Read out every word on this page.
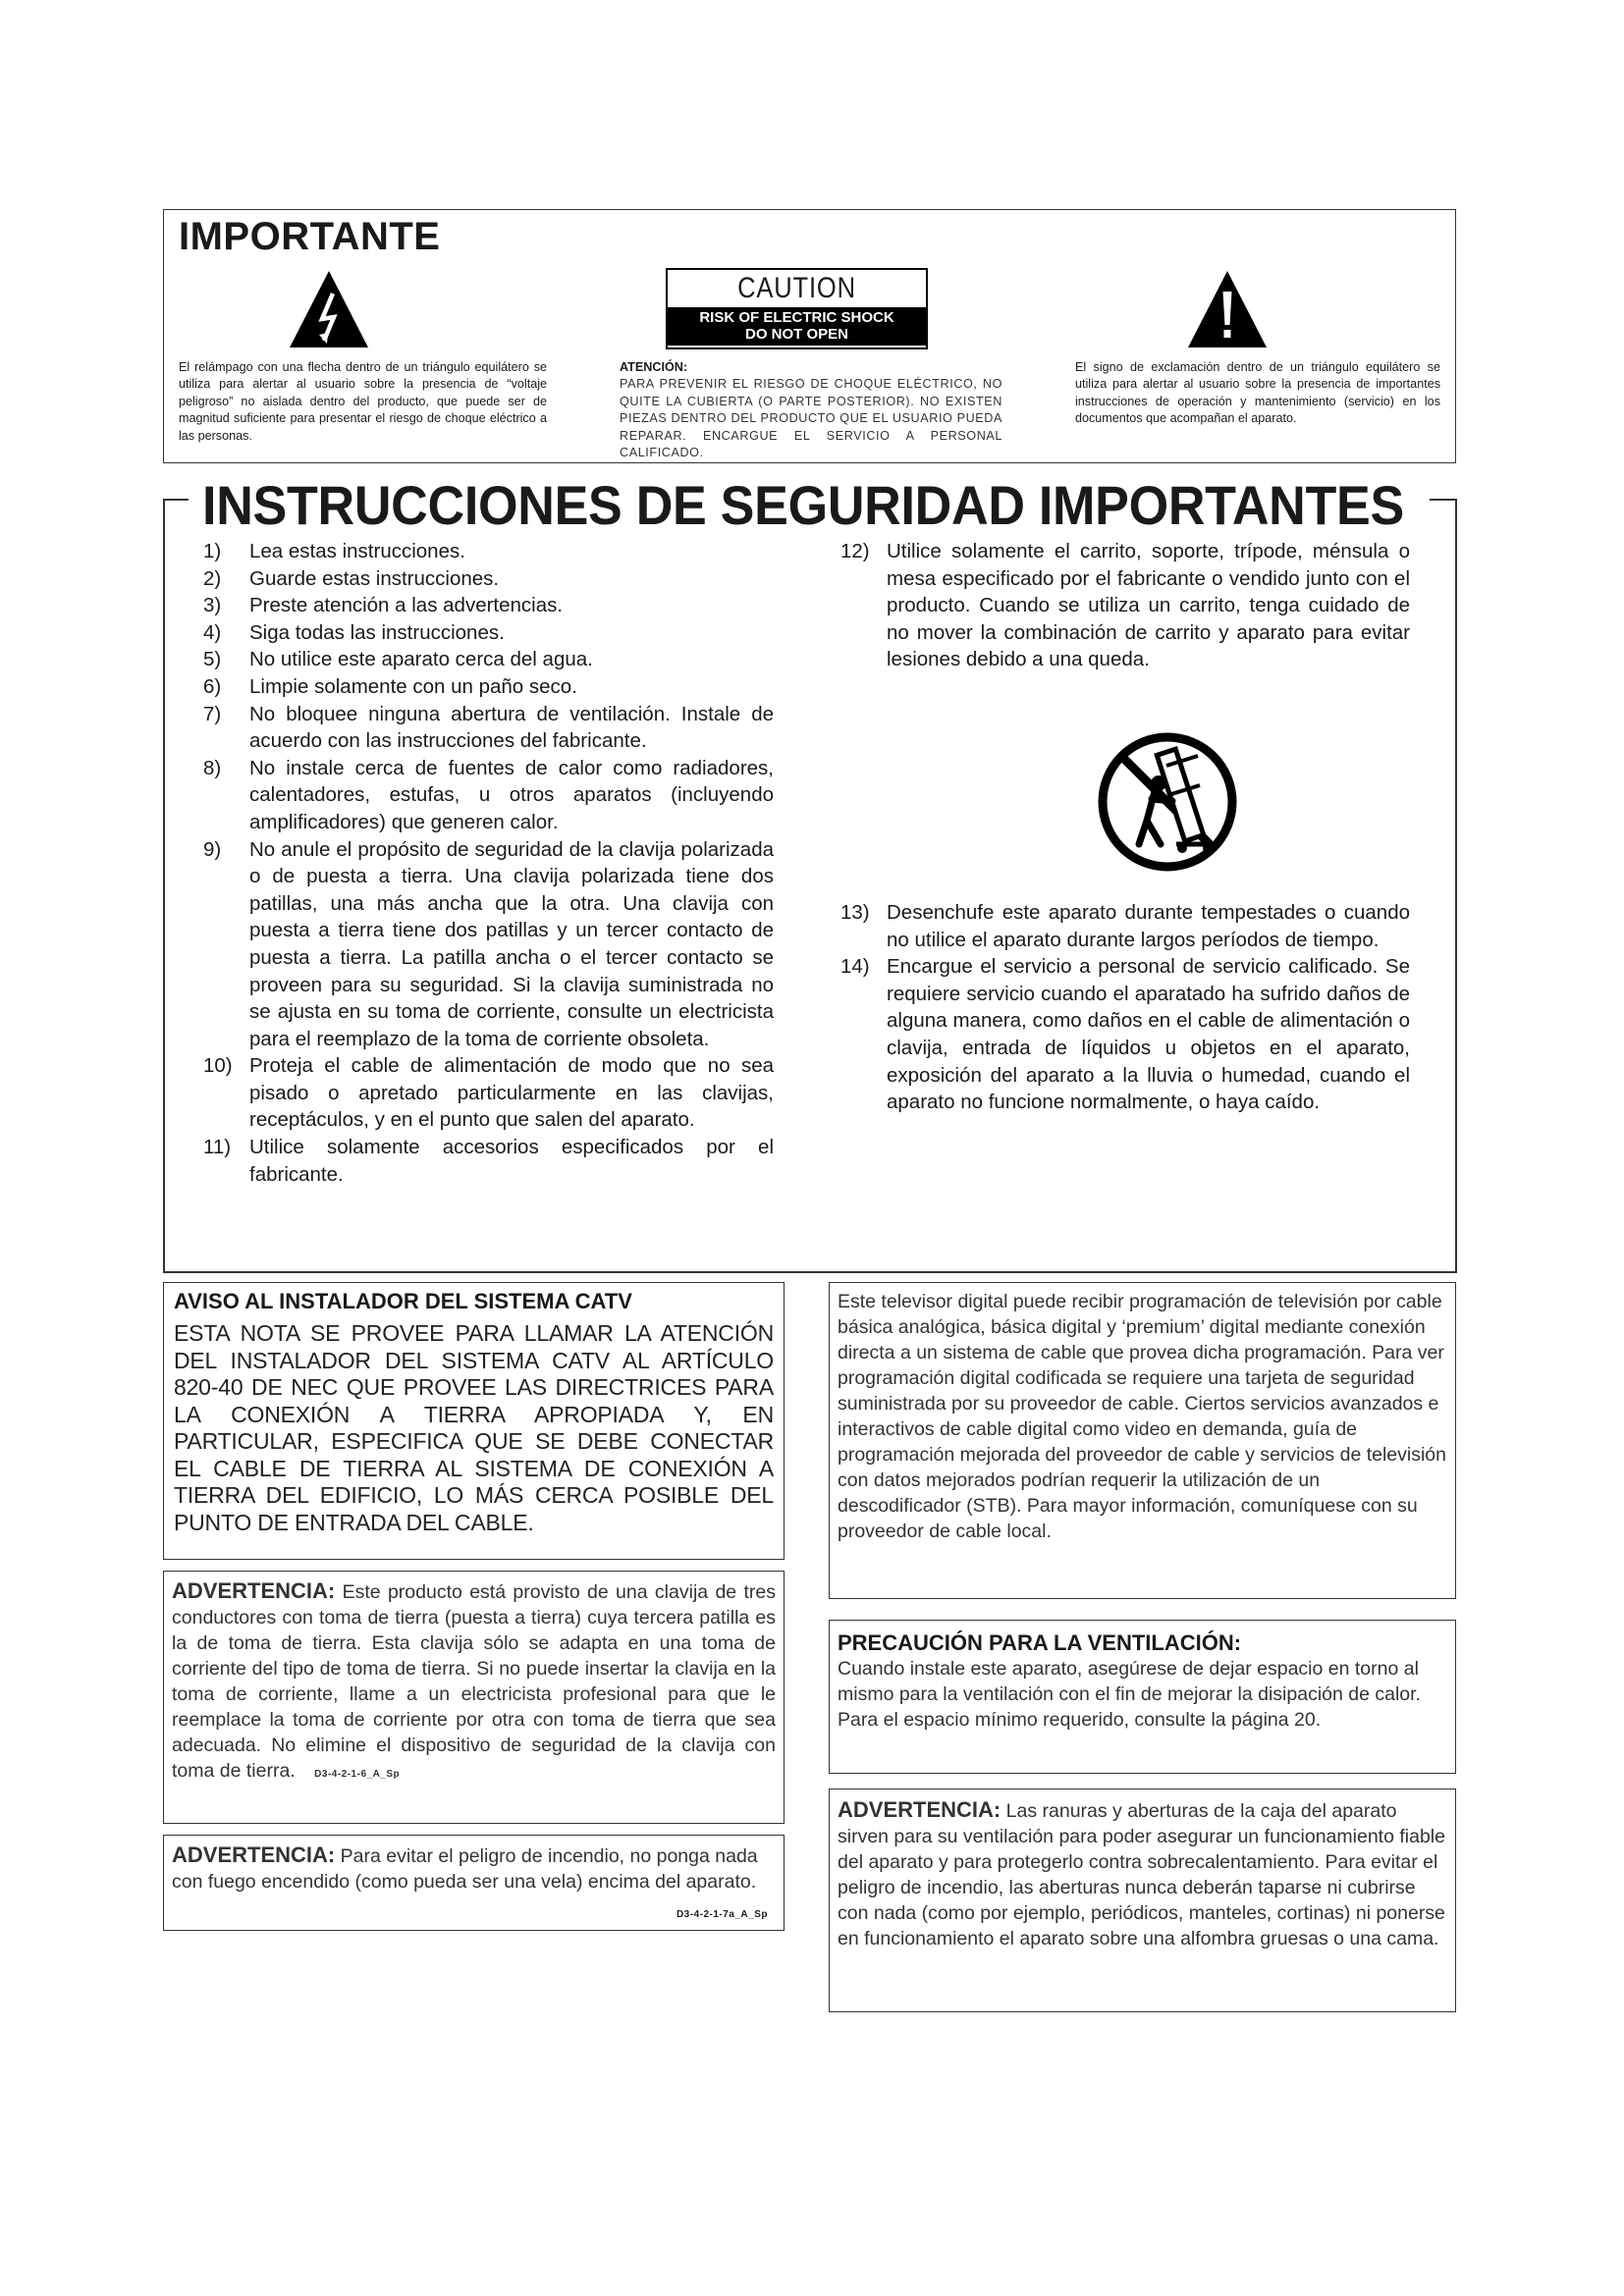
IMPORTANTE
El relámpago con una flecha dentro de un triángulo equilátero se utiliza para alertar al usuario sobre la presencia de “voltaje peligroso” no aislada dentro del producto, que puede ser de magnitud suficiente para presentar el riesgo de choque eléctrico a las personas.
CAUTION
RISK OF ELECTRIC SHOCK
DO NOT OPEN
ATENCIÓN:
PARA PREVENIR EL RIESGO DE CHOQUE ELÉCTRICO, NO QUITE LA CUBIERTA (O PARTE POSTERIOR). NO EXISTEN PIEZAS DENTRO DEL PRODUCTO QUE EL USUARIO PUEDA REPARAR. ENCARGUE EL SERVICIO A PERSONAL CALIFICADO.
El signo de exclamación dentro de un triángulo equilátero se utiliza para alertar al usuario sobre la presencia de importantes instrucciones de operación y mantenimiento (servicio) en los documentos que acompañan el aparato.
INSTRUCCIONES DE SEGURIDAD IMPORTANTES
1) Lea estas instrucciones.
2) Guarde estas instrucciones.
3) Preste atención a las advertencias.
4) Siga todas las instrucciones.
5) No utilice este aparato cerca del agua.
6) Limpie solamente con un paño seco.
7) No bloquee ninguna abertura de ventilación. Instale de acuerdo con las instrucciones del fabricante.
8) No instale cerca de fuentes de calor como radiadores, calentadores, estufas, u otros aparatos (incluyendo amplificadores) que generen calor.
9) No anule el propósito de seguridad de la clavija polarizada o de puesta a tierra. Una clavija polarizada tiene dos patillas, una más ancha que la otra. Una clavija con puesta a tierra tiene dos patillas y un tercer contacto de puesta a tierra. La patilla ancha o el tercer contacto se proveen para su seguridad. Si la clavija suministrada no se ajusta en su toma de corriente, consulte un electricista para el reemplazo de la toma de corriente obsoleta.
10) Proteja el cable de alimentación de modo que no sea pisado o apretado particularmente en las clavijas, receptáculos, y en el punto que salen del aparato.
11) Utilice solamente accesorios especificados por el fabricante.
12) Utilice solamente el carrito, soporte, trípode, ménsula o mesa especificado por el fabricante o vendido junto con el producto. Cuando se utiliza un carrito, tenga cuidado de no mover la combinación de carrito y aparato para evitar lesiones debido a una queda.
13) Desenchufe este aparato durante tempestades o cuando no utilice el aparato durante largos períodos de tiempo.
14) Encargue el servicio a personal de servicio calificado. Se requiere servicio cuando el aparatado ha sufrido daños de alguna manera, como daños en el cable de alimentación o clavija, entrada de líquidos u objetos en el aparato, exposición del aparato a la lluvia o humedad, cuando el aparato no funcione normalmente, o haya caído.
AVISO AL INSTALADOR DEL SISTEMA CATV
ESTA NOTA SE PROVEE PARA LLAMAR LA ATENCIÓN DEL INSTALADOR DEL SISTEMA CATV AL ARTÍCULO 820-40 DE NEC QUE PROVEE LAS DIRECTRICES PARA LA CONEXIÓN A TIERRA APROPIADA Y, EN PARTICULAR, ESPECIFICA QUE SE DEBE CONECTAR EL CABLE DE TIERRA AL SISTEMA DE CONEXIÓN A TIERRA DEL EDIFICIO, LO MÁS CERCA POSIBLE DEL PUNTO DE ENTRADA DEL CABLE.
ADVERTENCIA: Este producto está provisto de una clavija de tres conductores con toma de tierra (puesta a tierra) cuya tercera patilla es la de toma de tierra. Esta clavija sólo se adapta en una toma de corriente del tipo de toma de tierra. Si no puede insertar la clavija en la toma de corriente, llame a un electricista profesional para que le reemplace la toma de corriente por otra con toma de tierra que sea adecuada. No elimine el dispositivo de seguridad de la clavija con toma de tierra. D3-4-2-1-6_A_Sp
ADVERTENCIA: Para evitar el peligro de incendio, no ponga nada con fuego encendido (como pueda ser una vela) encima del aparato.
D3-4-2-1-7a_A_Sp
Este televisor digital puede recibir programación de televisión por cable básica analógica, básica digital y ‘premium’ digital mediante conexión directa a un sistema de cable que provea dicha programación. Para ver programación digital codificada se requiere una tarjeta de seguridad suministrada por su proveedor de cable. Ciertos servicios avanzados e interactivos de cable digital como video en demanda, guía de programación mejorada del proveedor de cable y servicios de televisión con datos mejorados podrían requerir la utilización de un descodificador (STB). Para mayor información, comuníquese con su proveedor de cable local.
PRECAUCIÓN PARA LA VENTILACIÓN:
Cuando instale este aparato, asegúrese de dejar espacio en torno al mismo para la ventilación con el fin de mejorar la disipación de calor. Para el espacio mínimo requerido, consulte la página 20.
ADVERTENCIA: Las ranuras y aberturas de la caja del aparato sirven para su ventilación para poder asegurar un funcionamiento fiable del aparato y para protegerlo contra sobrecalentamiento. Para evitar el peligro de incendio, las aberturas nunca deberán taparse ni cubrirse con nada (como por ejemplo, periódicos, manteles, cortinas) ni ponerse en funcionamiento el aparato sobre una alfombra gruesas o una cama.
